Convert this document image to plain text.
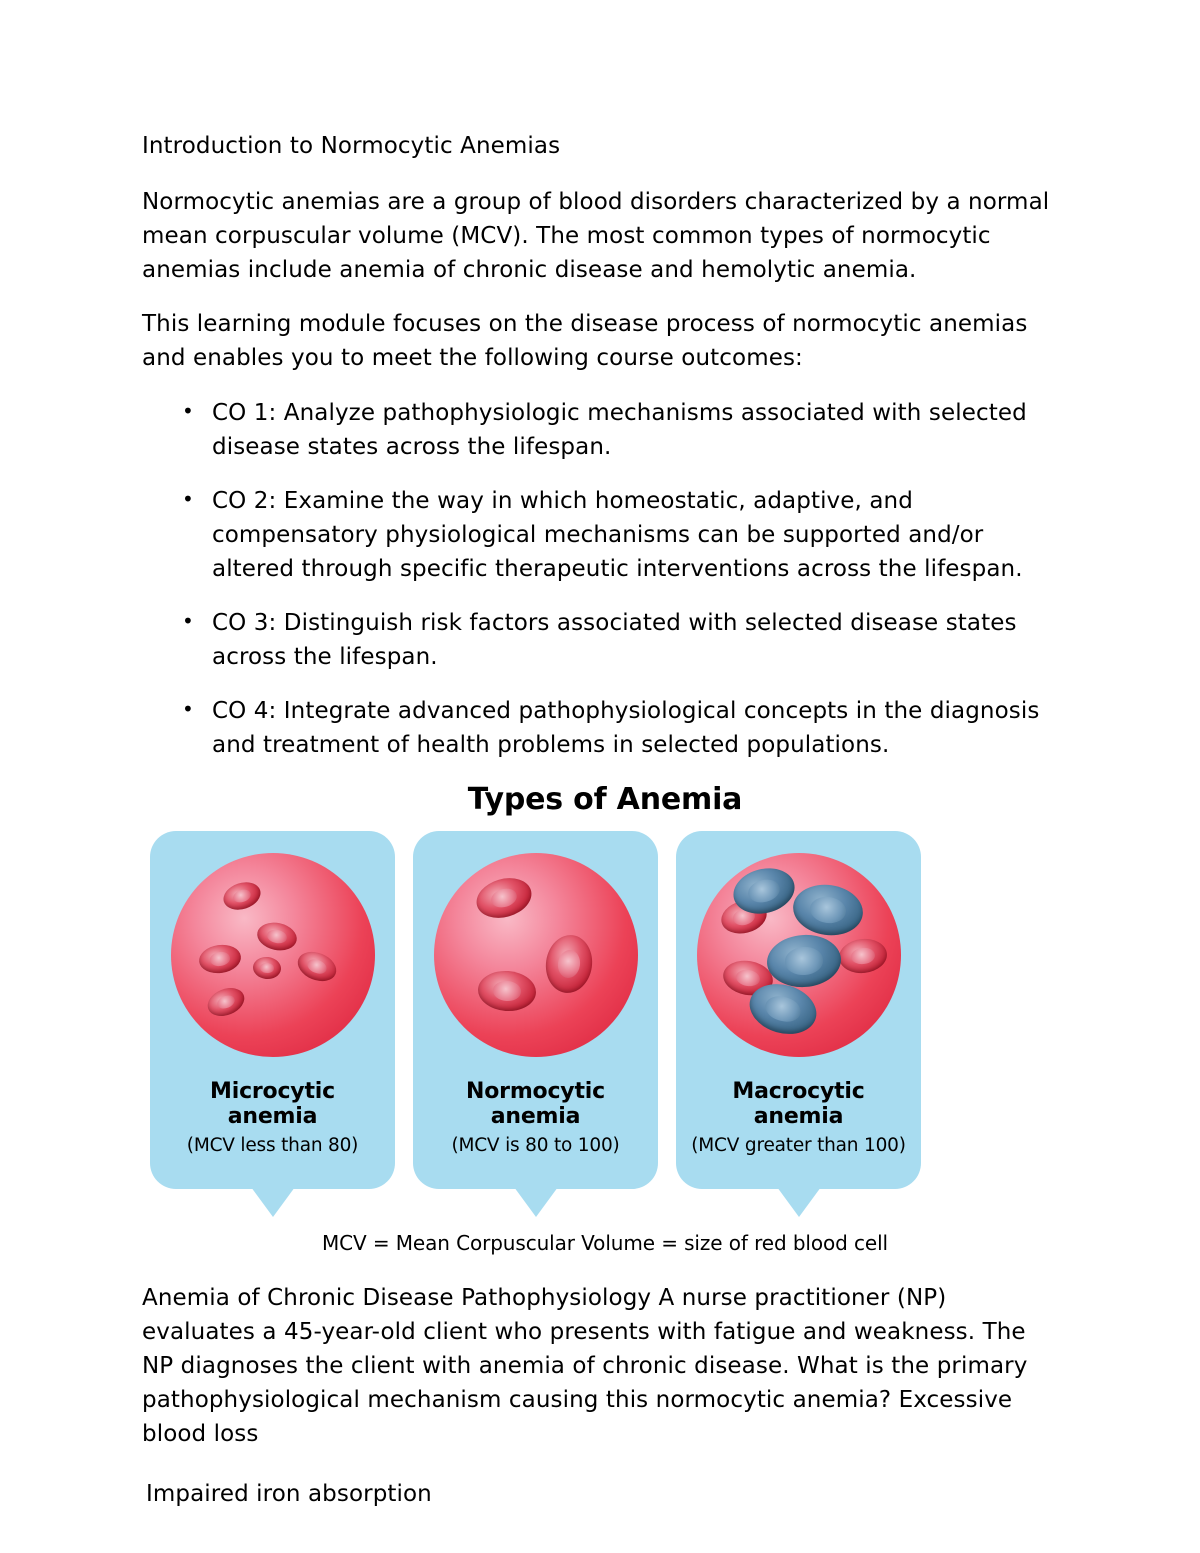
Introduction to Normocytic Anemias

Normocytic anemias are a group of blood disorders characterized by a normal mean corpuscular volume (MCV). The most common types of normocytic anemias include anemia of chronic disease and hemolytic anemia.

This learning module focuses on the disease process of normocytic anemias and enables you to meet the following course outcomes:

• CO 1: Analyze pathophysiologic mechanisms associated with selected disease states across the lifespan.
• CO 2: Examine the way in which homeostatic, adaptive, and compensatory physiological mechanisms can be supported and/or altered through specific therapeutic interventions across the lifespan.
• CO 3: Distinguish risk factors associated with selected disease states across the lifespan.
• CO 4: Integrate advanced pathophysiological concepts in the diagnosis and treatment of health problems in selected populations.
Types of Anemia
Microcytic
anemia
(MCV less than 80)
Normocytic
anemia
(MCV is 80 to 100)
Macrocytic
anemia
(MCV greater than 100)
MCV = Mean Corpuscular Volume = size of red blood cell

Anemia of Chronic Disease Pathophysiology A nurse practitioner (NP) evaluates a 45-year-old client who presents with fatigue and weakness. The NP diagnoses the client with anemia of chronic disease. What is the primary pathophysiological mechanism causing this normocytic anemia? Excessive blood loss

Impaired iron absorption
